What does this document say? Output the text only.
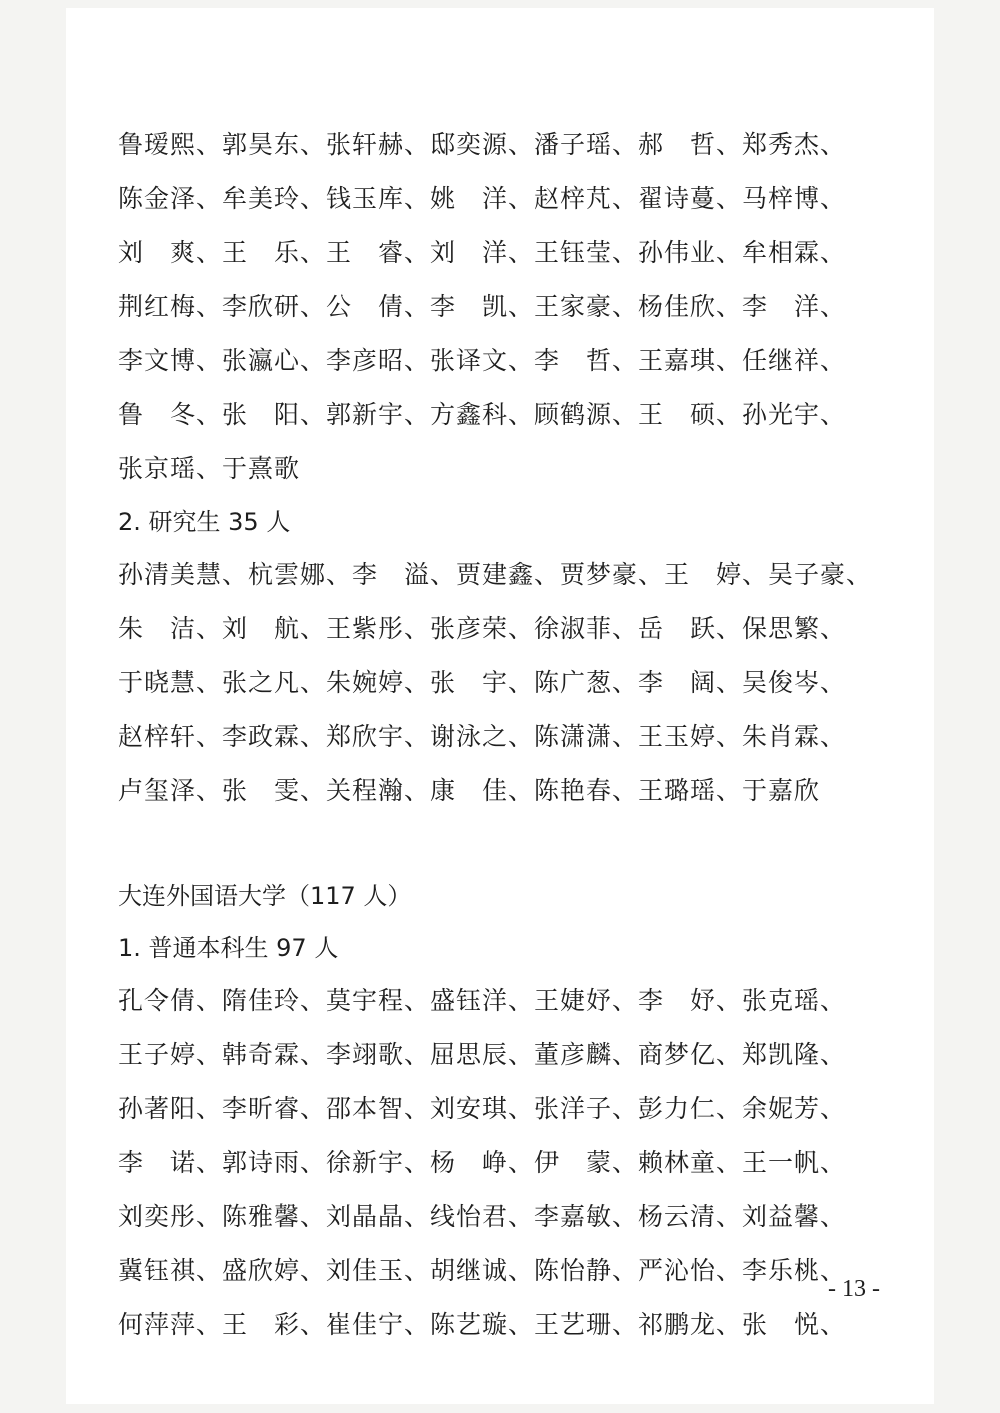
鲁瑷熙、郭昊东、张轩赫、邸奕源、潘子瑶、郝　哲、郑秀杰、
陈金泽、牟美玲、钱玉库、姚　洋、赵梓芃、翟诗蔓、马梓博、
刘　爽、王　乐、王　睿、刘　洋、王钰莹、孙伟业、牟相霖、
荆红梅、李欣研、公　倩、李　凯、王家豪、杨佳欣、李　洋、
李文博、张瀛心、李彦昭、张译文、李　哲、王嘉琪、任继祥、
鲁　冬、张　阳、郭新宇、方鑫科、顾鹤源、王　硕、孙光宇、
张京瑶、于熹歌
2. 研究生 35 人
孙清美慧、杭雲娜、李　溢、贾建鑫、贾梦豪、王　婷、吴子豪、
朱　洁、刘　航、王紫彤、张彦荣、徐淑菲、岳　跃、保思繁、
于晓慧、张之凡、朱婉婷、张　宇、陈广葱、李　阔、吴俊岑、
赵梓轩、李政霖、郑欣宇、谢泳之、陈潇潇、王玉婷、朱肖霖、
卢玺泽、张　雯、关程瀚、康　佳、陈艳春、王璐瑶、于嘉欣
大连外国语大学（117 人）
1. 普通本科生 97 人
孔令倩、隋佳玲、莫宇程、盛钰洋、王婕妤、李　妤、张克瑶、
王子婷、韩奇霖、李翊歌、屈思辰、董彦麟、商梦亿、郑凯隆、
孙著阳、李昕睿、邵本智、刘安琪、张洋子、彭力仁、余妮芳、
李　诺、郭诗雨、徐新宇、杨　峥、伊　蒙、赖林童、王一帆、
刘奕彤、陈雅馨、刘晶晶、线怡君、李嘉敏、杨云清、刘益馨、
冀钰祺、盛欣婷、刘佳玉、胡继诚、陈怡静、严沁怡、李乐桃、
何萍萍、王　彩、崔佳宁、陈艺璇、王艺珊、祁鹏龙、张　悦、
- 13 -
